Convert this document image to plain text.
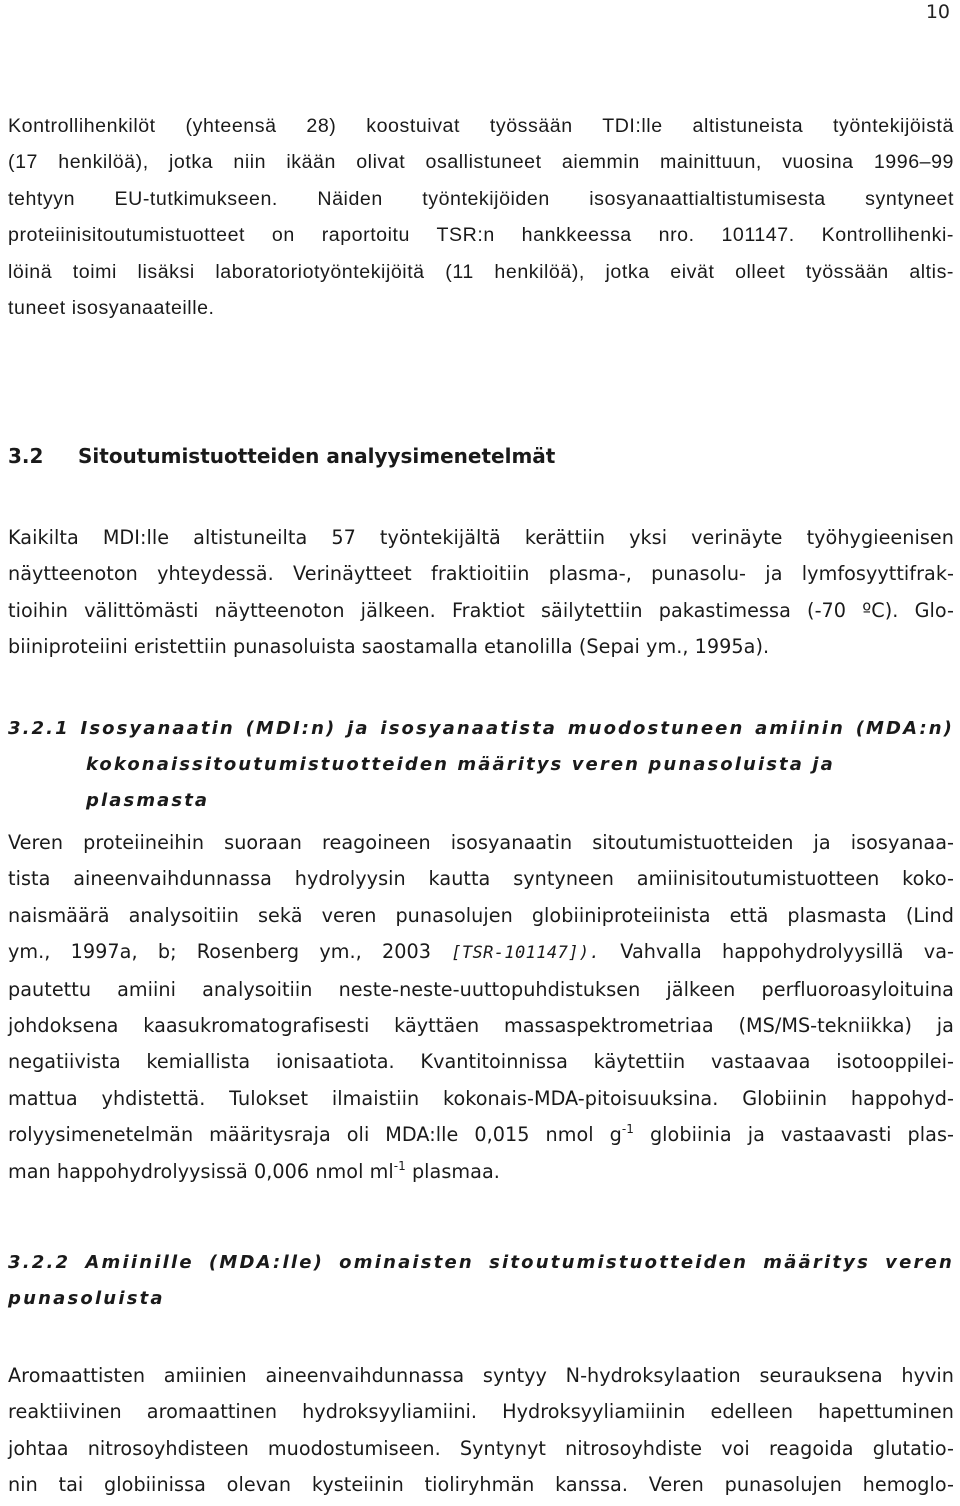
10
Kontrollihenkilöt (yhteensä 28) koostuivat työssään TDI:lle altistuneista työntekijöistä
(17 henkilöä), jotka niin ikään olivat osallistuneet aiemmin mainittuun, vuosina 1996–99
tehtyyn EU-tutkimukseen. Näiden työntekijöiden isosyanaattialtistumisesta syntyneet
proteiinisitoutumistuotteet on raportoitu TSR:n hankkeessa nro. 101147. Kontrollihenki-
löinä toimi lisäksi laboratoriotyöntekijöitä (11 henkilöä), jotka eivät olleet työssään altis-
tuneet isosyanaateille.
3.2 Sitoutumistuotteiden analyysimenetelmät
Kaikilta MDI:lle altistuneilta 57 työntekijältä kerättiin yksi verinäyte työhygieenisen
näytteenoton yhteydessä. Verinäytteet fraktioitiin plasma-, punasolu- ja lymfosyyttifrak-
tioihin välittömästi näytteenoton jälkeen. Fraktiot säilytettiin pakastimessa (-70 ºC). Glo-
biiniproteiini eristettiin punasoluista saostamalla etanolilla (Sepai ym., 1995a).
3.2.1 Isosyanaatin (MDI:n) ja isosyanaatista muodostuneen amiinin (MDA:n)
kokonaissitoutumistuotteiden määritys veren punasoluista ja plasmasta
Veren proteiineihin suoraan reagoineen isosyanaatin sitoutumistuotteiden ja isosyanaa-
tista aineenvaihdunnassa hydrolyysin kautta syntyneen amiinisitoutumistuotteen koko-
naismäärä analysoitiin sekä veren punasolujen globiiniproteiinista että plasmasta (Lind
ym., 1997a, b; Rosenberg ym., 2003 [TSR-101147]). Vahvalla happohydrolyysillä va-
pautettu amiini analysoitiin neste-neste-uuttopuhdistuksen jälkeen perfluoroasyloituina
johdoksena kaasukromatografisesti käyttäen massaspektrometriaa (MS/MS-tekniikka) ja
negatiivista kemiallista ionisaatiota. Kvantitoinnissa käytettiin vastaavaa isotooppilei-
mattua yhdistettä. Tulokset ilmaistiin kokonais-MDA-pitoisuuksina. Globiinin happohyd-
rolyysimenetelmän määritysraja oli MDA:lle 0,015 nmol $g^{-1}$ globiinia ja vastaavasti plas-
man happohydrolyysissä 0,006 nmol $ml^{-1}$ plasmaa.
3.2.2 Amiinille (MDA:lle) ominaisten sitoutumistuotteiden määritys veren
punasoluista
Aromaattisten amiinien aineenvaihdunnassa syntyy N-hydroksylaation seurauksena hyvin
reaktiivinen aromaattinen hydroksyyliamiini. Hydroksyyliamiinin edelleen hapettuminen
johtaa nitrosoyhdisteen muodostumiseen. Syntynyt nitrosoyhdiste voi reagoida glutatio-
nin tai globiinissa olevan kysteiinin tioliryhmän kanssa. Veren punasolujen hemoglo-
